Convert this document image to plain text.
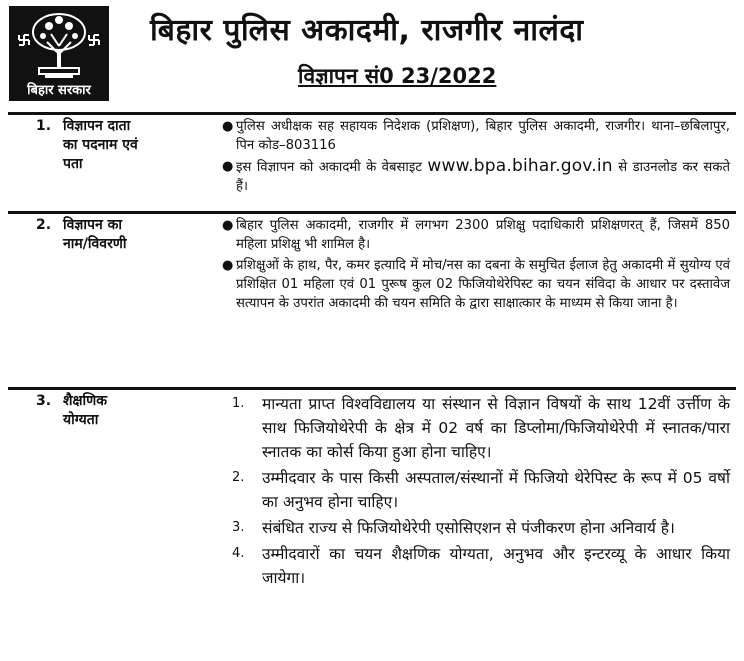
बिहार सरकार
बिहार पुलिस अकादमी, राजगीर नालंदा
विज्ञापन सं0 23/2022
1. विज्ञापन दाता
का पदनाम एवं
पता
● पुलिस अधीक्षक सह सहायक निदेशक (प्रशिक्षण), बिहार पुलिस अकादमी, राजगीर। थाना–छबिलापुर, पिन कोड–803116
● इस विज्ञापन को अकादमी के वेबसाइट www.bpa.bihar.gov.in से डाउनलोड कर सकते हैं।
2. विज्ञापन का
नाम/विवरणी
● बिहार पुलिस अकादमी, राजगीर में लगभग 2300 प्रशिक्षु पदाधिकारी प्रशिक्षणरत् हैं, जिसमें 850 महिला प्रशिक्षु भी शामिल है।
● प्रशिक्षुओं के हाथ, पैर, कमर इत्यादि में मोच/नस का दबना के समुचित ईलाज हेतु अकादमी में सुयोग्य एवं प्रशिक्षित 01 महिला एवं 01 पुरूष कुल 02 फिजियोथेरेपिस्ट का चयन संविदा के आधार पर दस्तावेज सत्यापन के उपरांत अकादमी की चयन समिति के द्वारा साक्षात्कार के माध्यम से किया जाना है।
3. शैक्षणिक
योग्यता
1.	मान्यता प्राप्त विश्वविद्यालय या संस्थान से विज्ञान विषयों के साथ 12वीं उर्त्तीण के साथ फिजियोथेरेपी के क्षेत्र में 02 वर्ष का डिप्लोमा/फिजियोथेरेपी में स्नातक/पारा स्नातक का कोर्स किया हुआ होना चाहिए।
2.	उम्मीदवार के पास किसी अस्पताल/संस्थानों में फिजियो थेरेपिस्ट के रूप में 05 वर्षो का अनुभव होना चाहिए।
3.	संबंधित राज्य से फिजियोथेरेपी एसोसिएशन से पंजीकरण होना अनिवार्य है।
4.	उम्मीदवारों का चयन शैक्षणिक योग्यता, अनुभव और इन्टरव्यू के आधार किया जायेगा।
